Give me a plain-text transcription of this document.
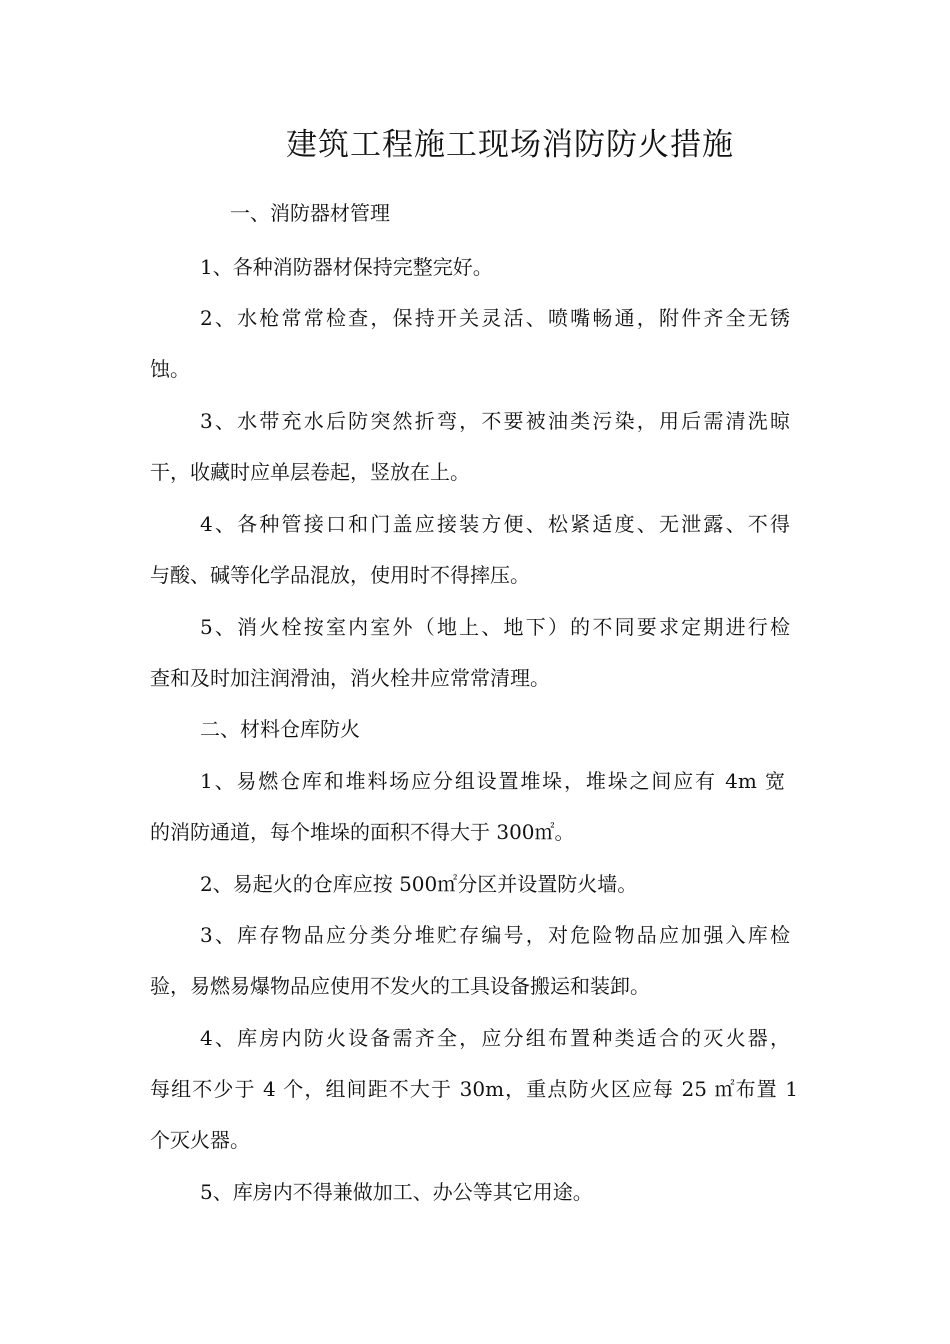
建筑工程施工现场消防防火措施
一、消防器材管理
1、各种消防器材保持完整完好。
2、水枪常常检查，保持开关灵活、喷嘴畅通，附件齐全无锈
蚀。
3、水带充水后防突然折弯，不要被油类污染，用后需清洗晾
干，收藏时应单层卷起，竖放在上。
4、各种管接口和门盖应接装方便、松紧适度、无泄露、不得
与酸、碱等化学品混放，使用时不得摔压。
5、消火栓按室内室外（地上、地下）的不同要求定期进行检
查和及时加注润滑油，消火栓井应常常清理。
二、材料仓库防火
1、易燃仓库和堆料场应分组设置堆垛，堆垛之间应有 4m 宽
的消防通道，每个堆垛的面积不得大于 300㎡。
2、易起火的仓库应按 500㎡分区并设置防火墙。
3、库存物品应分类分堆贮存编号，对危险物品应加强入库检
验，易燃易爆物品应使用不发火的工具设备搬运和装卸。
4、库房内防火设备需齐全，应分组布置种类适合的灭火器，
每组不少于 4 个，组间距不大于 30m，重点防火区应每 25 ㎡布置 1
个灭火器。
5、库房内不得兼做加工、办公等其它用途。
